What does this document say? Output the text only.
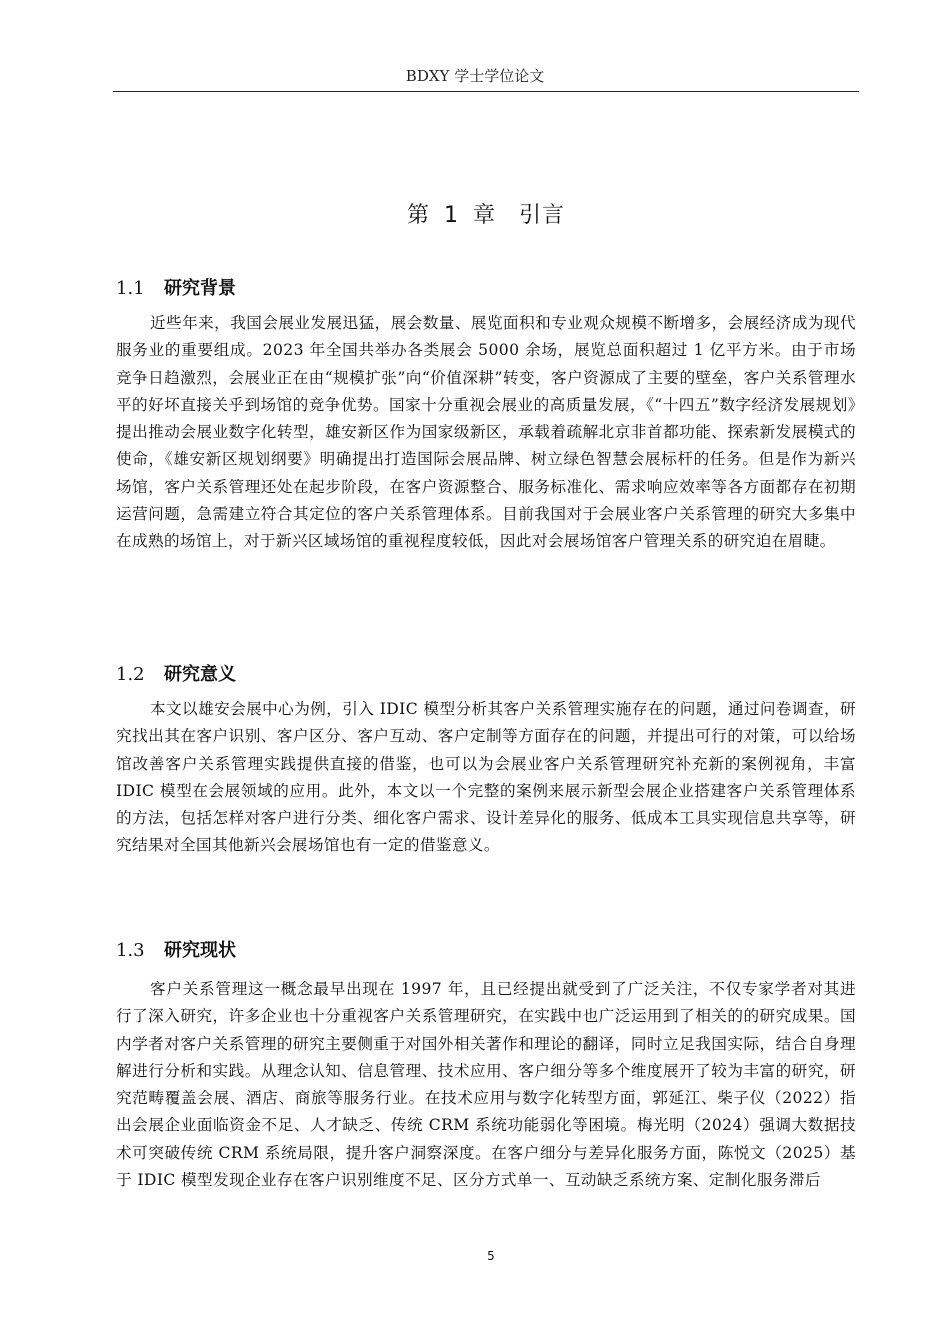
BDXY 学士学位论文
第 1 章　引言
1.1 研究背景

近些年来，我国会展业发展迅猛，展会数量、展览面积和专业观众规模不断增多，会展经济成为现代服务业的重要组成。2023 年全国共举办各类展会 5000 余场，展览总面积超过 1 亿平方米。由于市场竞争日趋激烈，会展业正在由“规模扩张”向“价值深耕”转变，客户资源成了主要的壁垒，客户关系管理水平的好坏直接关乎到场馆的竞争优势。国家十分重视会展业的高质量发展，《“十四五”数字经济发展规划》提出推动会展业数字化转型，雄安新区作为国家级新区，承载着疏解北京非首都功能、探索新发展模式的使命，《雄安新区规划纲要》明确提出打造国际会展品牌、树立绿色智慧会展标杆的任务。但是作为新兴场馆，客户关系管理还处在起步阶段，在客户资源整合、服务标准化、需求响应效率等各方面都存在初期运营问题，急需建立符合其定位的客户关系管理体系。目前我国对于会展业客户关系管理的研究大多集中在成熟的场馆上，对于新兴区域场馆的重视程度较低，因此对会展场馆客户管理关系的研究迫在眉睫。

1.2 研究意义

本文以雄安会展中心为例，引入 IDIC 模型分析其客户关系管理实施存在的问题，通过问卷调查，研究找出其在客户识别、客户区分、客户互动、客户定制等方面存在的问题，并提出可行的对策，可以给场馆改善客户关系管理实践提供直接的借鉴，也可以为会展业客户关系管理研究补充新的案例视角，丰富 IDIC 模型在会展领域的应用。此外，本文以一个完整的案例来展示新型会展企业搭建客户关系管理体系的方法，包括怎样对客户进行分类、细化客户需求、设计差异化的服务、低成本工具实现信息共享等，研究结果对全国其他新兴会展场馆也有一定的借鉴意义。

1.3 研究现状

客户关系管理这一概念最早出现在 1997 年，且已经提出就受到了广泛关注，不仅专家学者对其进行了深入研究，许多企业也十分重视客户关系管理研究，在实践中也广泛运用到了相关的的研究成果。国内学者对客户关系管理的研究主要侧重于对国外相关著作和理论的翻译，同时立足我国实际，结合自身理解进行分析和实践。从理念认知、信息管理、技术应用、客户细分等多个维度展开了较为丰富的研究，研究范畴覆盖会展、酒店、商旅等服务行业。在技术应用与数字化转型方面，郭延江、柴子仪（2022）指出会展企业面临资金不足、人才缺乏、传统 CRM 系统功能弱化等困境。梅光明（2024）强调大数据技术可突破传统 CRM 系统局限，提升客户洞察深度。在客户细分与差异化服务方面，陈悦文（2025）基于 IDIC 模型发现企业存在客户识别维度不足、区分方式单一、互动缺乏系统方案、定制化服务滞后

5
